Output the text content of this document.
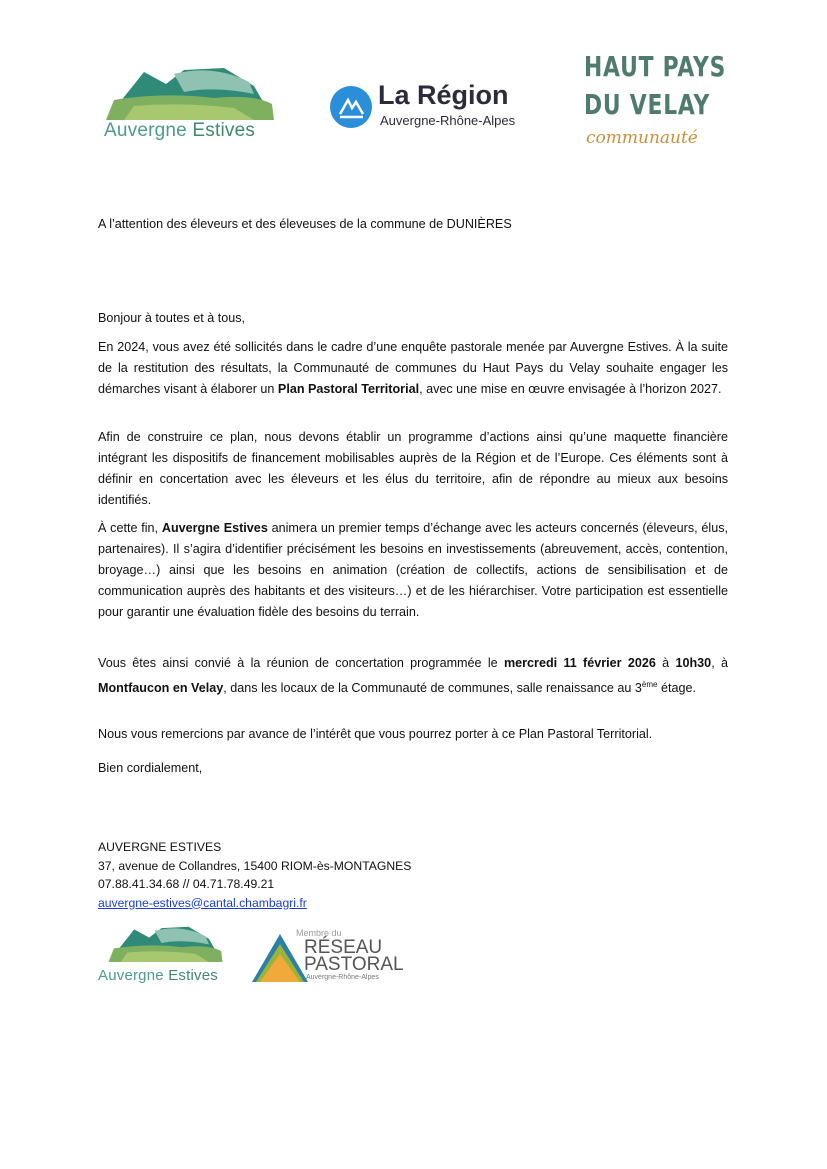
Auvergne Estives
La Région
Auvergne-Rhône-Alpes
HAUT PAYS
DU VELAY
communauté
A l’attention des éleveurs et des éleveuses de la commune de DUNIÈRES
Bonjour à toutes et à tous,
En 2024, vous avez été sollicités dans le cadre d’une enquête pastorale menée par Auvergne Estives. À la suite de la restitution des résultats, la Communauté de communes du Haut Pays du Velay souhaite engager les démarches visant à élaborer un Plan Pastoral Territorial, avec une mise en œuvre envisagée à l’horizon 2027.
Afin de construire ce plan, nous devons établir un programme d’actions ainsi qu’une maquette financière intégrant les dispositifs de financement mobilisables auprès de la Région et de l’Europe. Ces éléments sont à définir en concertation avec les éleveurs et les élus du territoire, afin de répondre au mieux aux besoins identifiés.
À cette fin, Auvergne Estives animera un premier temps d’échange avec les acteurs concernés (éleveurs, élus, partenaires). Il s’agira d’identifier précisément les besoins en investissements (abreuvement, accès, contention, broyage…) ainsi que les besoins en animation (création de collectifs, actions de sensibilisation et de communication auprès des habitants et des visiteurs…) et de les hiérarchiser. Votre participation est essentielle pour garantir une évaluation fidèle des besoins du terrain.
Vous êtes ainsi convié à la réunion de concertation programmée le mercredi 11 février 2026 à 10h30, à Montfaucon en Velay, dans les locaux de la Communauté de communes, salle renaissance au 3ème étage.
Nous vous remercions par avance de l’intérêt que vous pourrez porter à ce Plan Pastoral Territorial.
Bien cordialement,
AUVERGNE ESTIVES
37, avenue de Collandres, 15400 RIOM-ès-MONTAGNES
07.88.41.34.68 // 04.71.78.49.21
auvergne-estives@cantal.chambagri.fr
Auvergne Estives
Membre du
RÉSEAU
PASTORAL
Auvergne-Rhône-Alpes
